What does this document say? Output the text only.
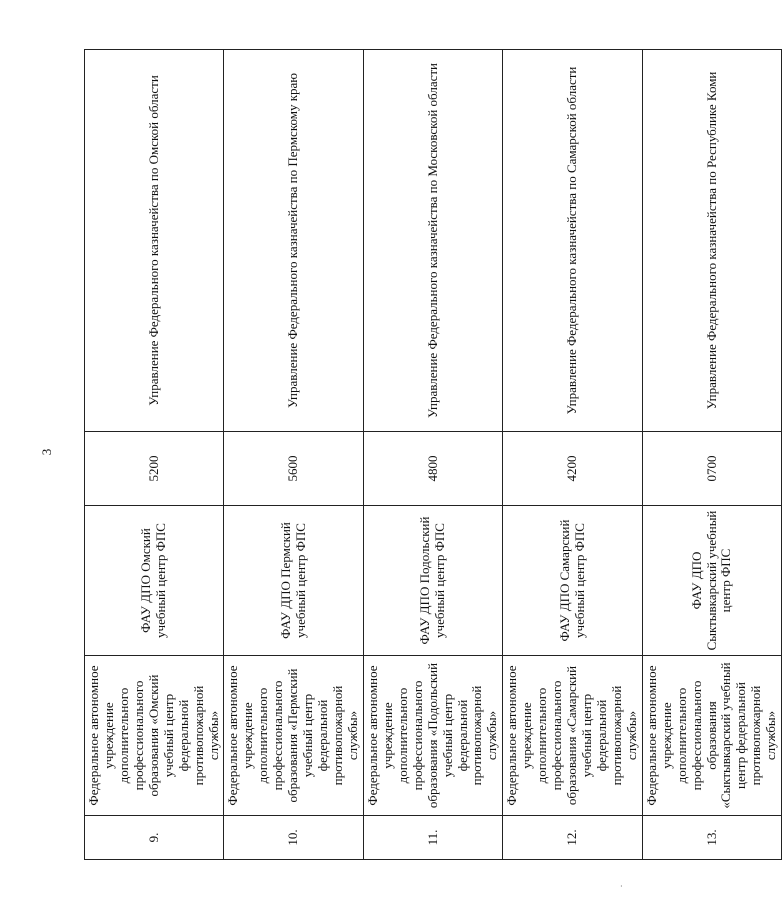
3
9.	Федеральное автономное учреждение дополнительного профессионального образования «Омский учебный центр федеральной противопожарной службы»	ФАУ ДПО Омский учебный центр ФПС	5200	Управление Федерального казначейства по Омской области
10.	Федеральное автономное учреждение дополнительного профессионального образования «Пермский учебный центр федеральной противопожарной службы»	ФАУ ДПО Пермский учебный центр ФПС	5600	Управление Федерального казначейства по Пермскому краю
11.	Федеральное автономное учреждение дополнительного профессионального образования «Подольский учебный центр федеральной противопожарной службы»	ФАУ ДПО Подольский учебный центр ФПС	4800	Управление Федерального казначейства по Московской области
12.	Федеральное автономное учреждение дополнительного профессионального образования «Самарский учебный центр федеральной противопожарной службы»	ФАУ ДПО Самарский учебный центр ФПС	4200	Управление Федерального казначейства по Самарской области
13.	Федеральное автономное учреждение дополнительного профессионального образования «Сыктывкарский учебный центр федеральной противопожарной службы»	ФАУ ДПО Сыктывкарский учебный центр ФПС	0700	Управление Федерального казначейства по Республике Коми
·
